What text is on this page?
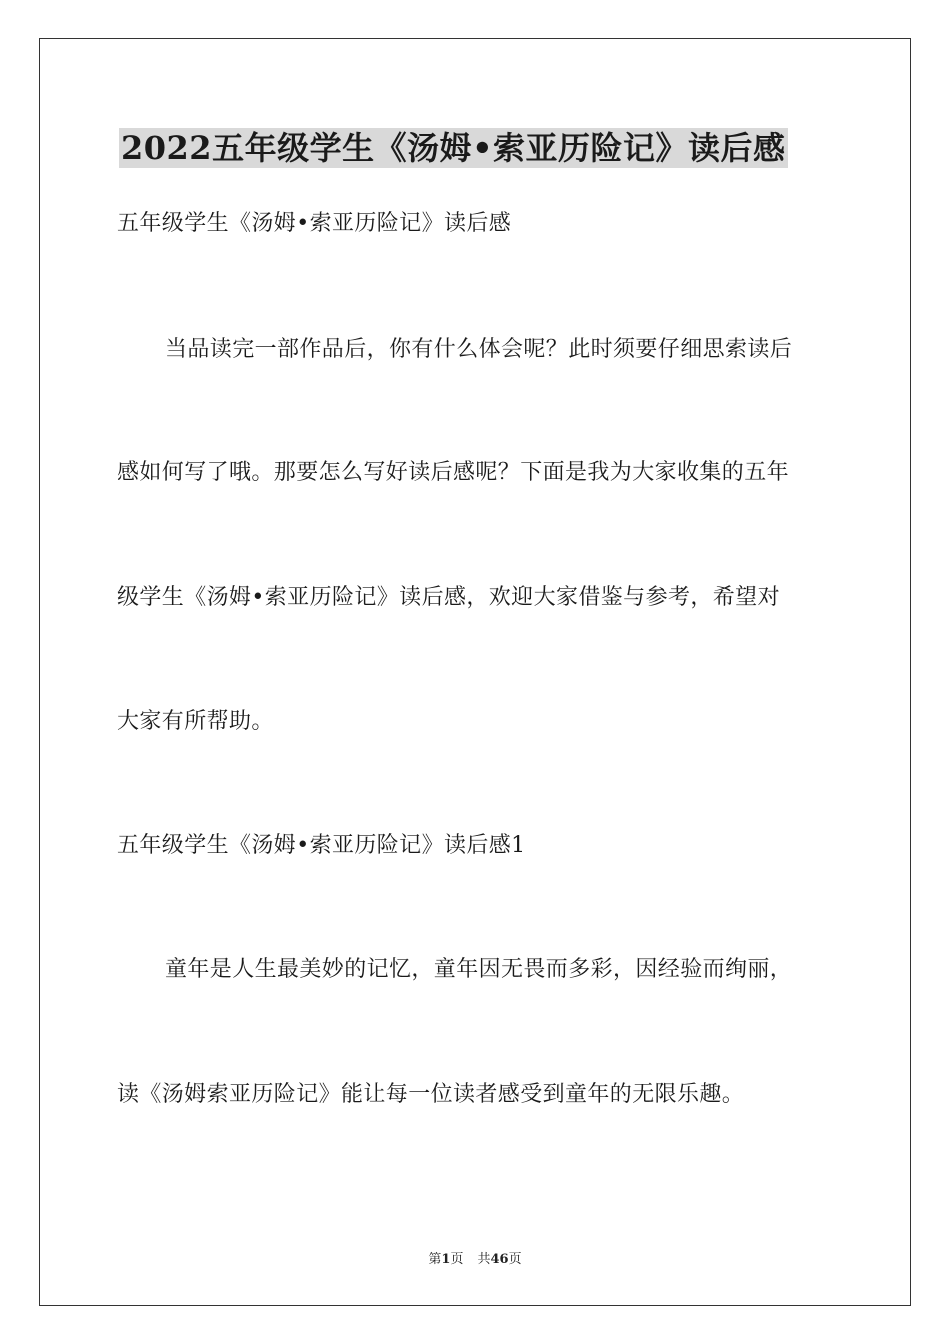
2022五年级学生《汤姆•索亚历险记》读后感
五年级学生《汤姆•索亚历险记》读后感
当品读完一部作品后，你有什么体会呢？此时须要仔细思索读后
感如何写了哦。那要怎么写好读后感呢？下面是我为大家收集的五年
级学生《汤姆•索亚历险记》读后感，欢迎大家借鉴与参考，希望对
大家有所帮助。
五年级学生《汤姆•索亚历险记》读后感1
童年是人生最美妙的记忆，童年因无畏而多彩，因经验而绚丽，
读《汤姆索亚历险记》能让每一位读者感受到童年的无限乐趣。
第1页 共46页
